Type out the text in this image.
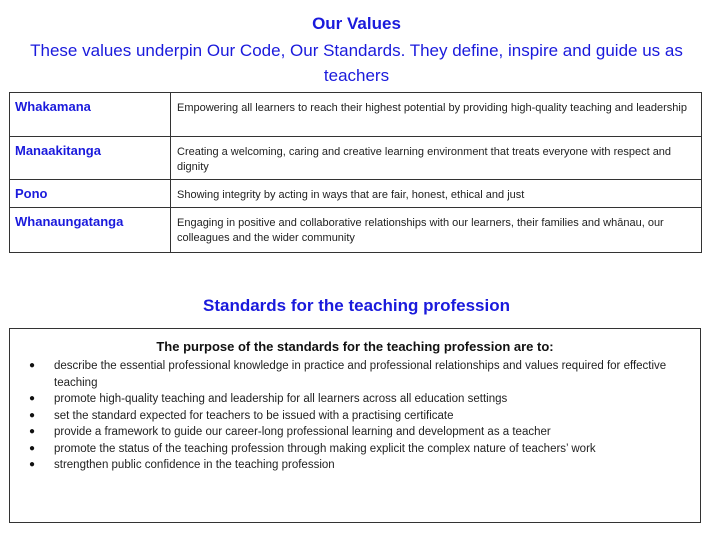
Our Values
These values underpin Our Code, Our Standards. They define, inspire and guide us as teachers
Whakamana	Empowering all learners to reach their highest potential by providing high-quality teaching and leadership
Manaakitanga	Creating a welcoming, caring and creative learning environment that treats everyone with respect and dignity
Pono	Showing integrity by acting in ways that are fair, honest, ethical and just
Whanaungatanga	Engaging in positive and collaborative relationships with our learners, their families and whānau, our colleagues and the wider community
Standards for the teaching profession
The purpose of the standards for the teaching profession are to:
● describe the essential professional knowledge in practice and professional relationships and values required for effective teaching
● promote high-quality teaching and leadership for all learners across all education settings
● set the standard expected for teachers to be issued with a practising certificate
● provide a framework to guide our career-long professional learning and development as a teacher
● promote the status of the teaching profession through making explicit the complex nature of teachers’ work
● strengthen public confidence in the teaching profession
